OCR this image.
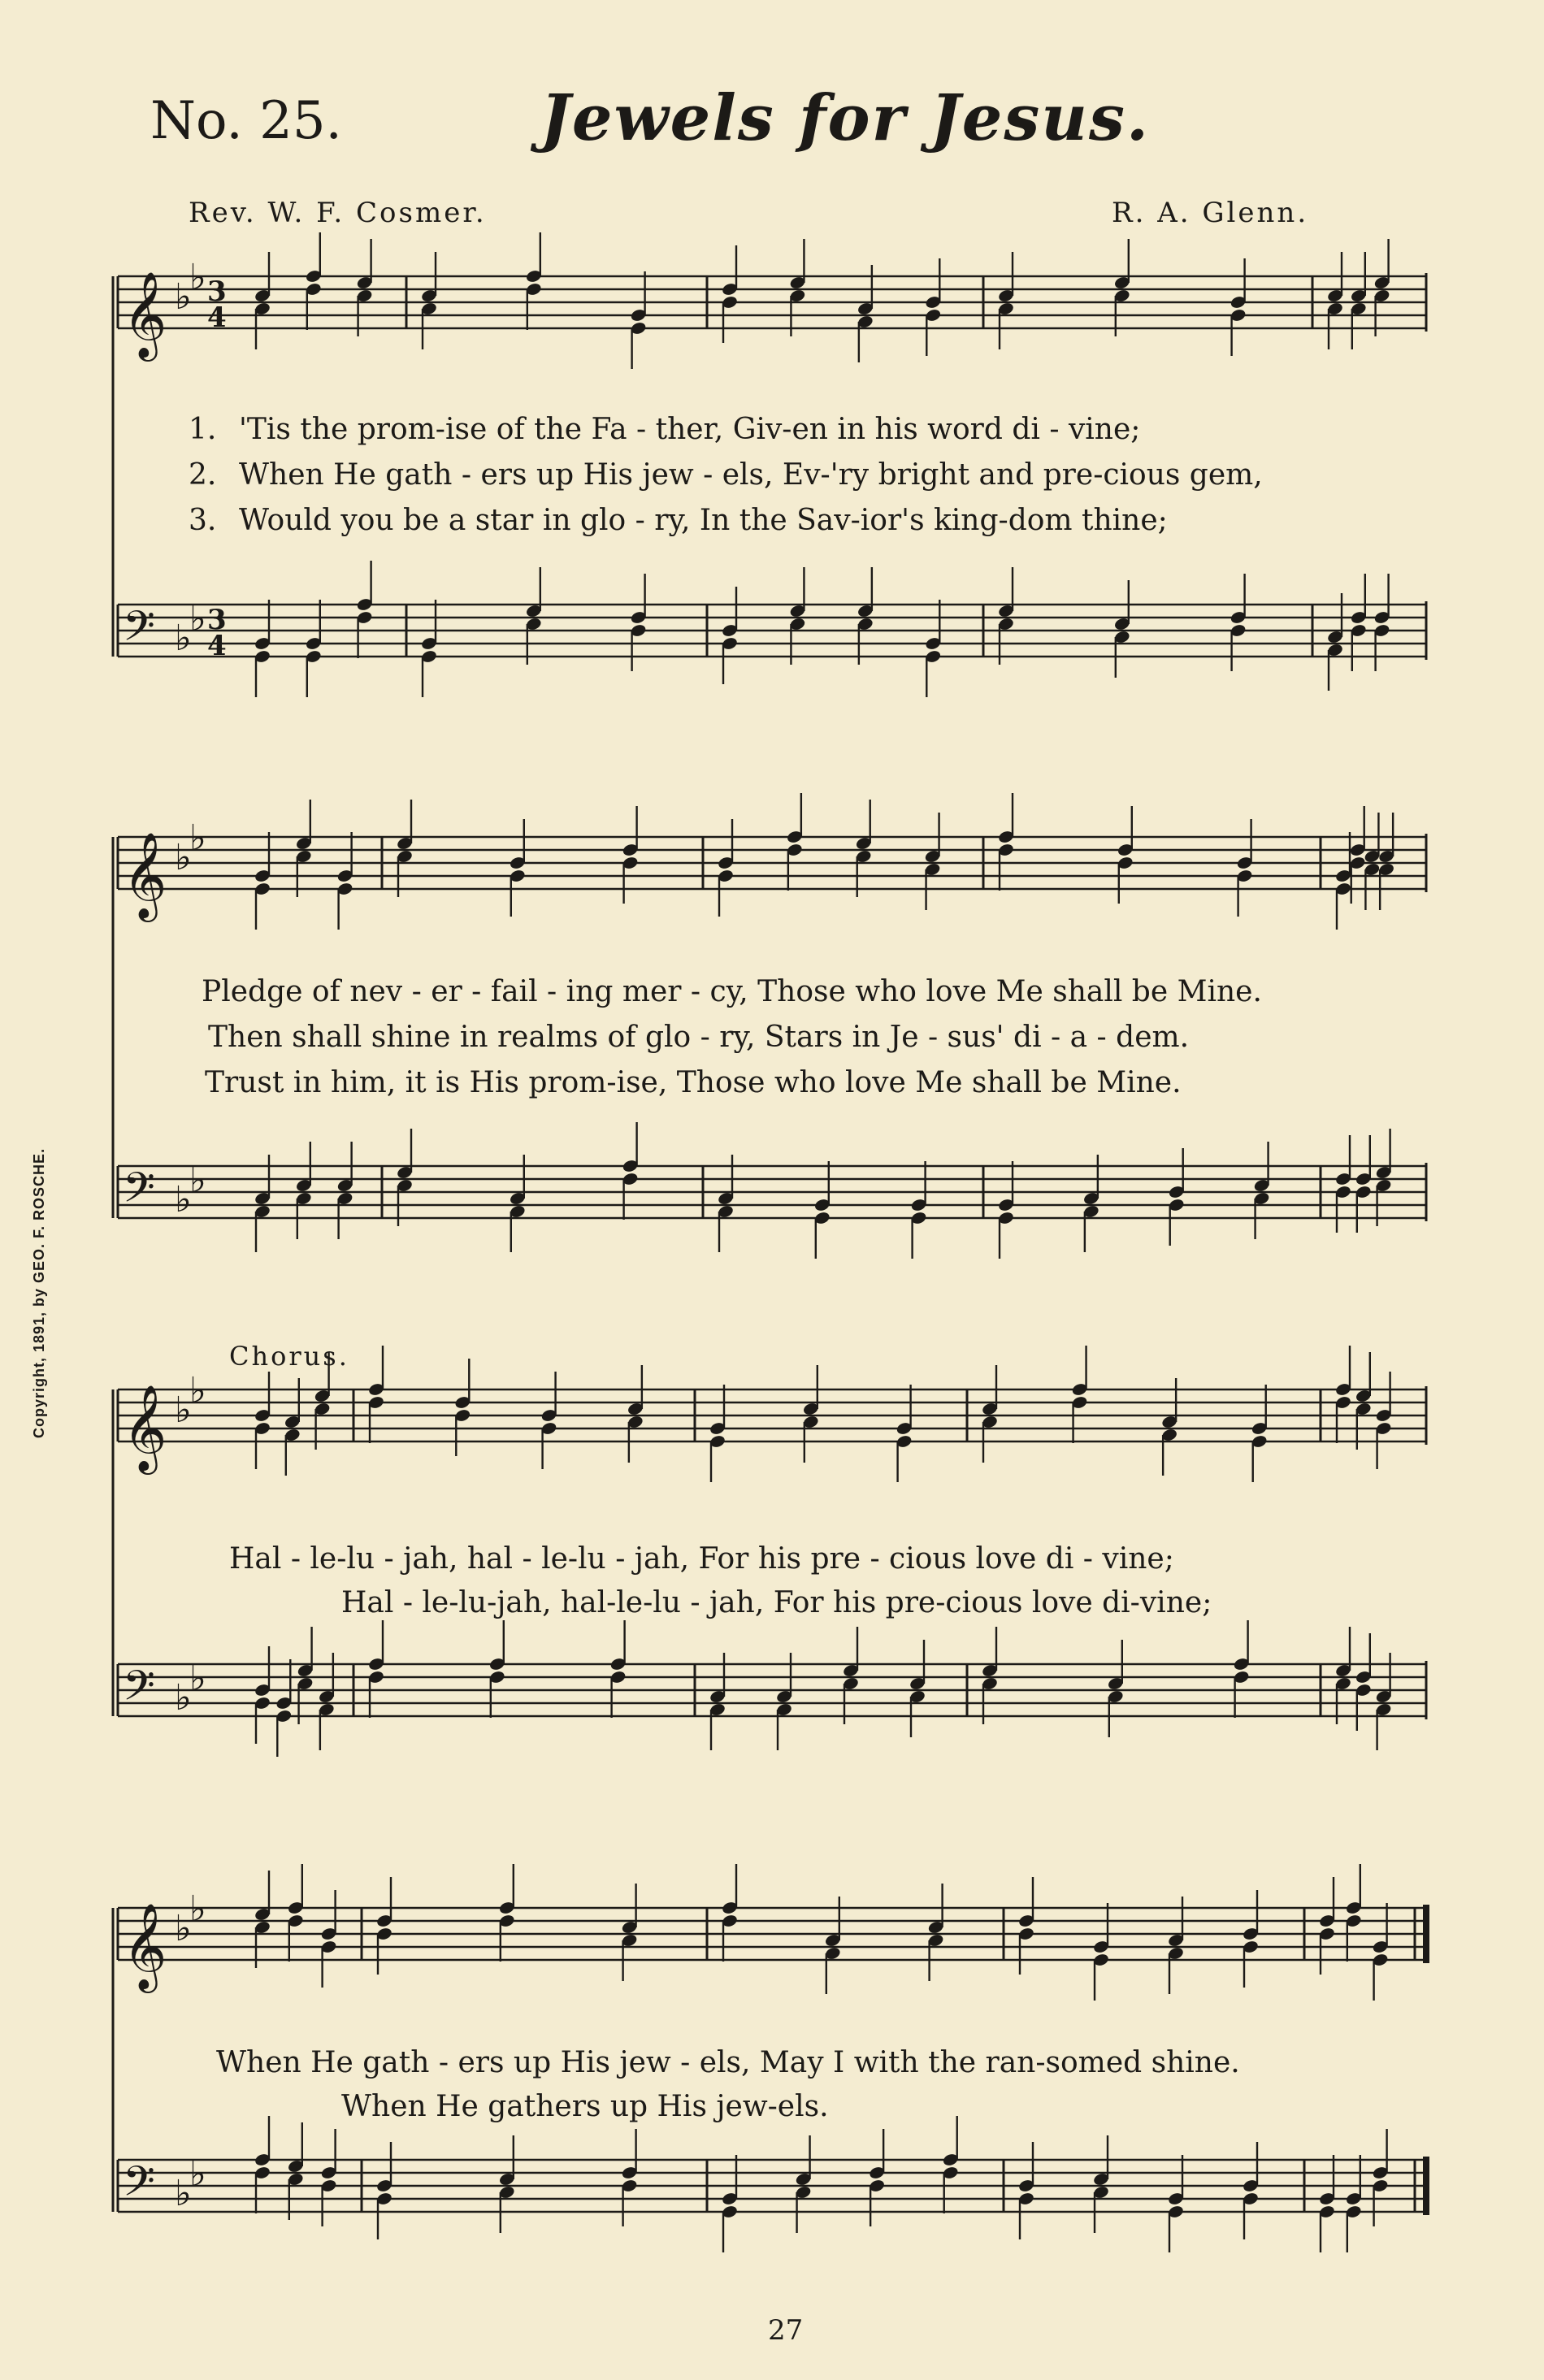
No. 25.	Jewels for Jesus.
Rev. W. F. Cosmer.	R. A. Glenn.
Copyright, 1891, by GEO. F. ROSCHE.
𝄞 ♭
♭ 3
4
𝄢 ♭
♭ 3
4
𝄞 ♭
♭
𝄢 ♭
♭
𝄞 ♭
♭
𝄢 ♭
♭
𝄞 ♭
♭
𝄢 ♭
♭
1. 'Tis the prom-ise of the Fa - ther, Giv-en in his word di - vine;
2. When He gath - ers up His jew - els, Ev-'ry bright and pre-cious gem,
3. Would you be a star in glo - ry, In the Sav-ior's king-dom thine;
Pledge of nev - er - fail - ing mer - cy, Those who love Me shall be Mine.
Then shall shine in realms of glo - ry, Stars in Je - sus' di - a - dem.
Trust in him, it is His prom-ise, Those who love Me shall be Mine.
Chorus.
Hal - le-lu - jah, hal - le-lu - jah, For his pre - cious love di - vine;
Hal - le-lu-jah, hal-le-lu - jah, For his pre-cious love di-vine;
When He gath - ers up His jew - els, May I with the ran-somed shine.
When He gathers up His jew-els.
27
